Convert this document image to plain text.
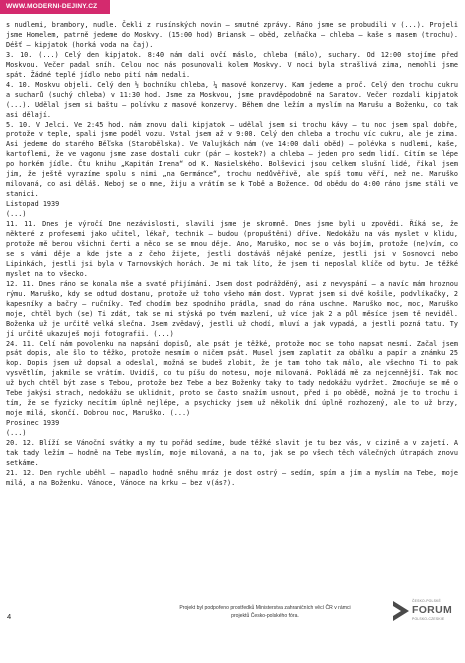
WWW.MODERNI-DEJINY.CZ

s nudlemi, brambory, nudle. Čekli z rusínských novin – smutné zprávy. Ráno jsme se probudili v (...). Projeli jsme Homelem, patrně jedeme do Moskvy. (15:00 hod) Briansk – oběd, zelňačka – chleba – kaše s masem (trochu). Déšť – kipjatok (horká voda na čaj).

3. 10. (...) Celý den kipjatok. 8:40 nám dali ovčí máslo, chleba (málo), suchary. Od 12:00 stojíme před Moskvou. Večer padal sníh. Celou noc nás posunovali kolem Moskvy. V noci byla strašlivá zima, nemohli jsme spát. Žádné teplé jídlo nebo pití nám nedali.

4. 10. Moskvu objeli. Celý den ½ bochníku chleba, ¼ masové konzervy. Kam jedeme a proč. Celý den trochu cukru a sucharů (suchý chleba) v 11:30 hod. Jsme za Moskvou, jsme pravděpodobně na Saratov. Večer rozdali kipjatok (...). Udělal jsem si baštu – polívku z masové konzervy. Během dne ležím a myslím na Marušu a Boženku, co tak asi dělají.

5. 10. V Jelci. Ve 2:45 hod. nám znovu dali kipjatok – udělal jsem si trochu kávy – tu noc jsem spal dobře, protože v teple, spali jsme podél vozu. Vstal jsem až v 9:00. Celý den chleba a trochu víc cukru, ale je zima. Asi jedeme do starého Běľska (Starobělska). Ve Valujkách nám (ve 14:00 dali oběd) – polévka s nudlemi, kaše, kartoflemi, že ve vagonu jsme zase dostali cukr (pár – kostek?) a chleba – jeden pro sedm lidí. Cítím se lépe po horkém jídle. Čtu knihu „Kapitán Irena“ od K. Nasielského. Bolševici jsou celkem slušní lidé, říkal jsem jim, že ještě vyrazíme spolu s nimi „na Germánce“, trochu nedůvěřivě, ale spíš tomu věří, než ne. Maruško milovaná, co asi děláš. Neboj se o mne, žiju a vrátím se k Tobě a Božence. Od obědu do 4:00 ráno jsme stáli ve stanici.

Listopad 1939

(...)

11. 11. Dnes je výročí Dne nezávislosti, slavili jsme je skromně. Dnes jsme byli u zpovědi. Říká se, že některé z profesemi jako učitel, lékař, technik – budou (propuštěni) dříve. Nedokážu na vás myslet v klidu, protože mě berou všichni čerti a něco se se mnou děje. Ano, Maruško, moc se o vás bojím, protože (ne)vím, co se s vámi děje a kde jste a z čeho žijete, jestli dostáváš nějaké peníze, jestli jsi v Sosnovci nebo Lipinkách, jestli jsi byla v Tarnovských horách. Je mi tak líto, že jsem ti neposlal klíče od bytu. Je těžké myslet na to všecko.

12. 11. Dnes ráno se konala mše a svaté přijímání. Jsem dost podrážděný, asi z nevyspání – a navíc mám hroznou rýmu. Maruško, kdy se odtud dostanu, protože už toho všeho mám dost. Vyprat jsem si dvě košile, podvlíkačky, 2 kapesníky a bačry – ručníky. Teď chodím bez spodního prádla, snad do rána uschne. Maruško moc, moc, Maruško moje, chtěl bych (se) Ti zdát, tak se mi stýská po tvém mazlení, už více jak 2 a půl měsíce jsem tě neviděl. Boženka už je určitě velká slečna. Jsem zvědavý, jestli už chodí, mluví a jak vypadá, a jestli pozná tatu. Ty jí určitě ukazuješ moji fotografii. (...)

24. 11. Celí nám povolenku na napsání dopisů, ale psát je těžké, protože moc se toho napsat nesmí. Začal jsem psát dopis, ale šlo to těžko, protože nesmím o ničem psát. Musel jsem zaplatit za obálku a papír a známku 25 kop. Dopis jsem už dopsal a odeslal, možná se budeš zlobit, že je tam toho tak málo, ale všechno Ti to pak vysvětlím, jakmile se vrátím. Uvidíš, co tu píšu do notesu, moje milovaná. Pokládá mě za nejcennější. Tak moc už bych chtěl být zase s Tebou, protože bez Tebe a bez Boženky taky to tady nedokážu vydržet. Zmocňuje se mě o Tebe jakýsi strach, nedokážu se uklidnit, proto se často snažím usnout, před i po obědě, možná je to trochu i tím, že se fyzicky necítím úplně nejlépe, a psychicky jsem už několik dní úplně rozhozený, ale to už brzy, moje milá, skončí. Dobrou noc, Maruško. (...)

Prosinec 1939

(...)

20. 12. Blíží se Vánoční svátky a my tu pořád sedíme, bude těžké slavit je tu bez vás, v cizině a v zajetí. A tak tady ležím – hodně na Tebe myslím, moje milovaná, a na to, jak se po všech těch válečných útrapách znovu setkáme.

21. 12. Den rychle uběhl – napadlo hodně sněhu mráz je dost ostrý – sedím, spím a jím a myslím na Tebe, moje milá, a na Boženku. Vánoce, Vánoce na krku – bez v(ás?).

4
Projekt byl podpořeno prostředků Ministerstva zahraničních věcí ČR v rámci
projektů Česko-polského fóra.
ČESKO-POLSKÉ
FORUM
POLSKO-CZESKIE
